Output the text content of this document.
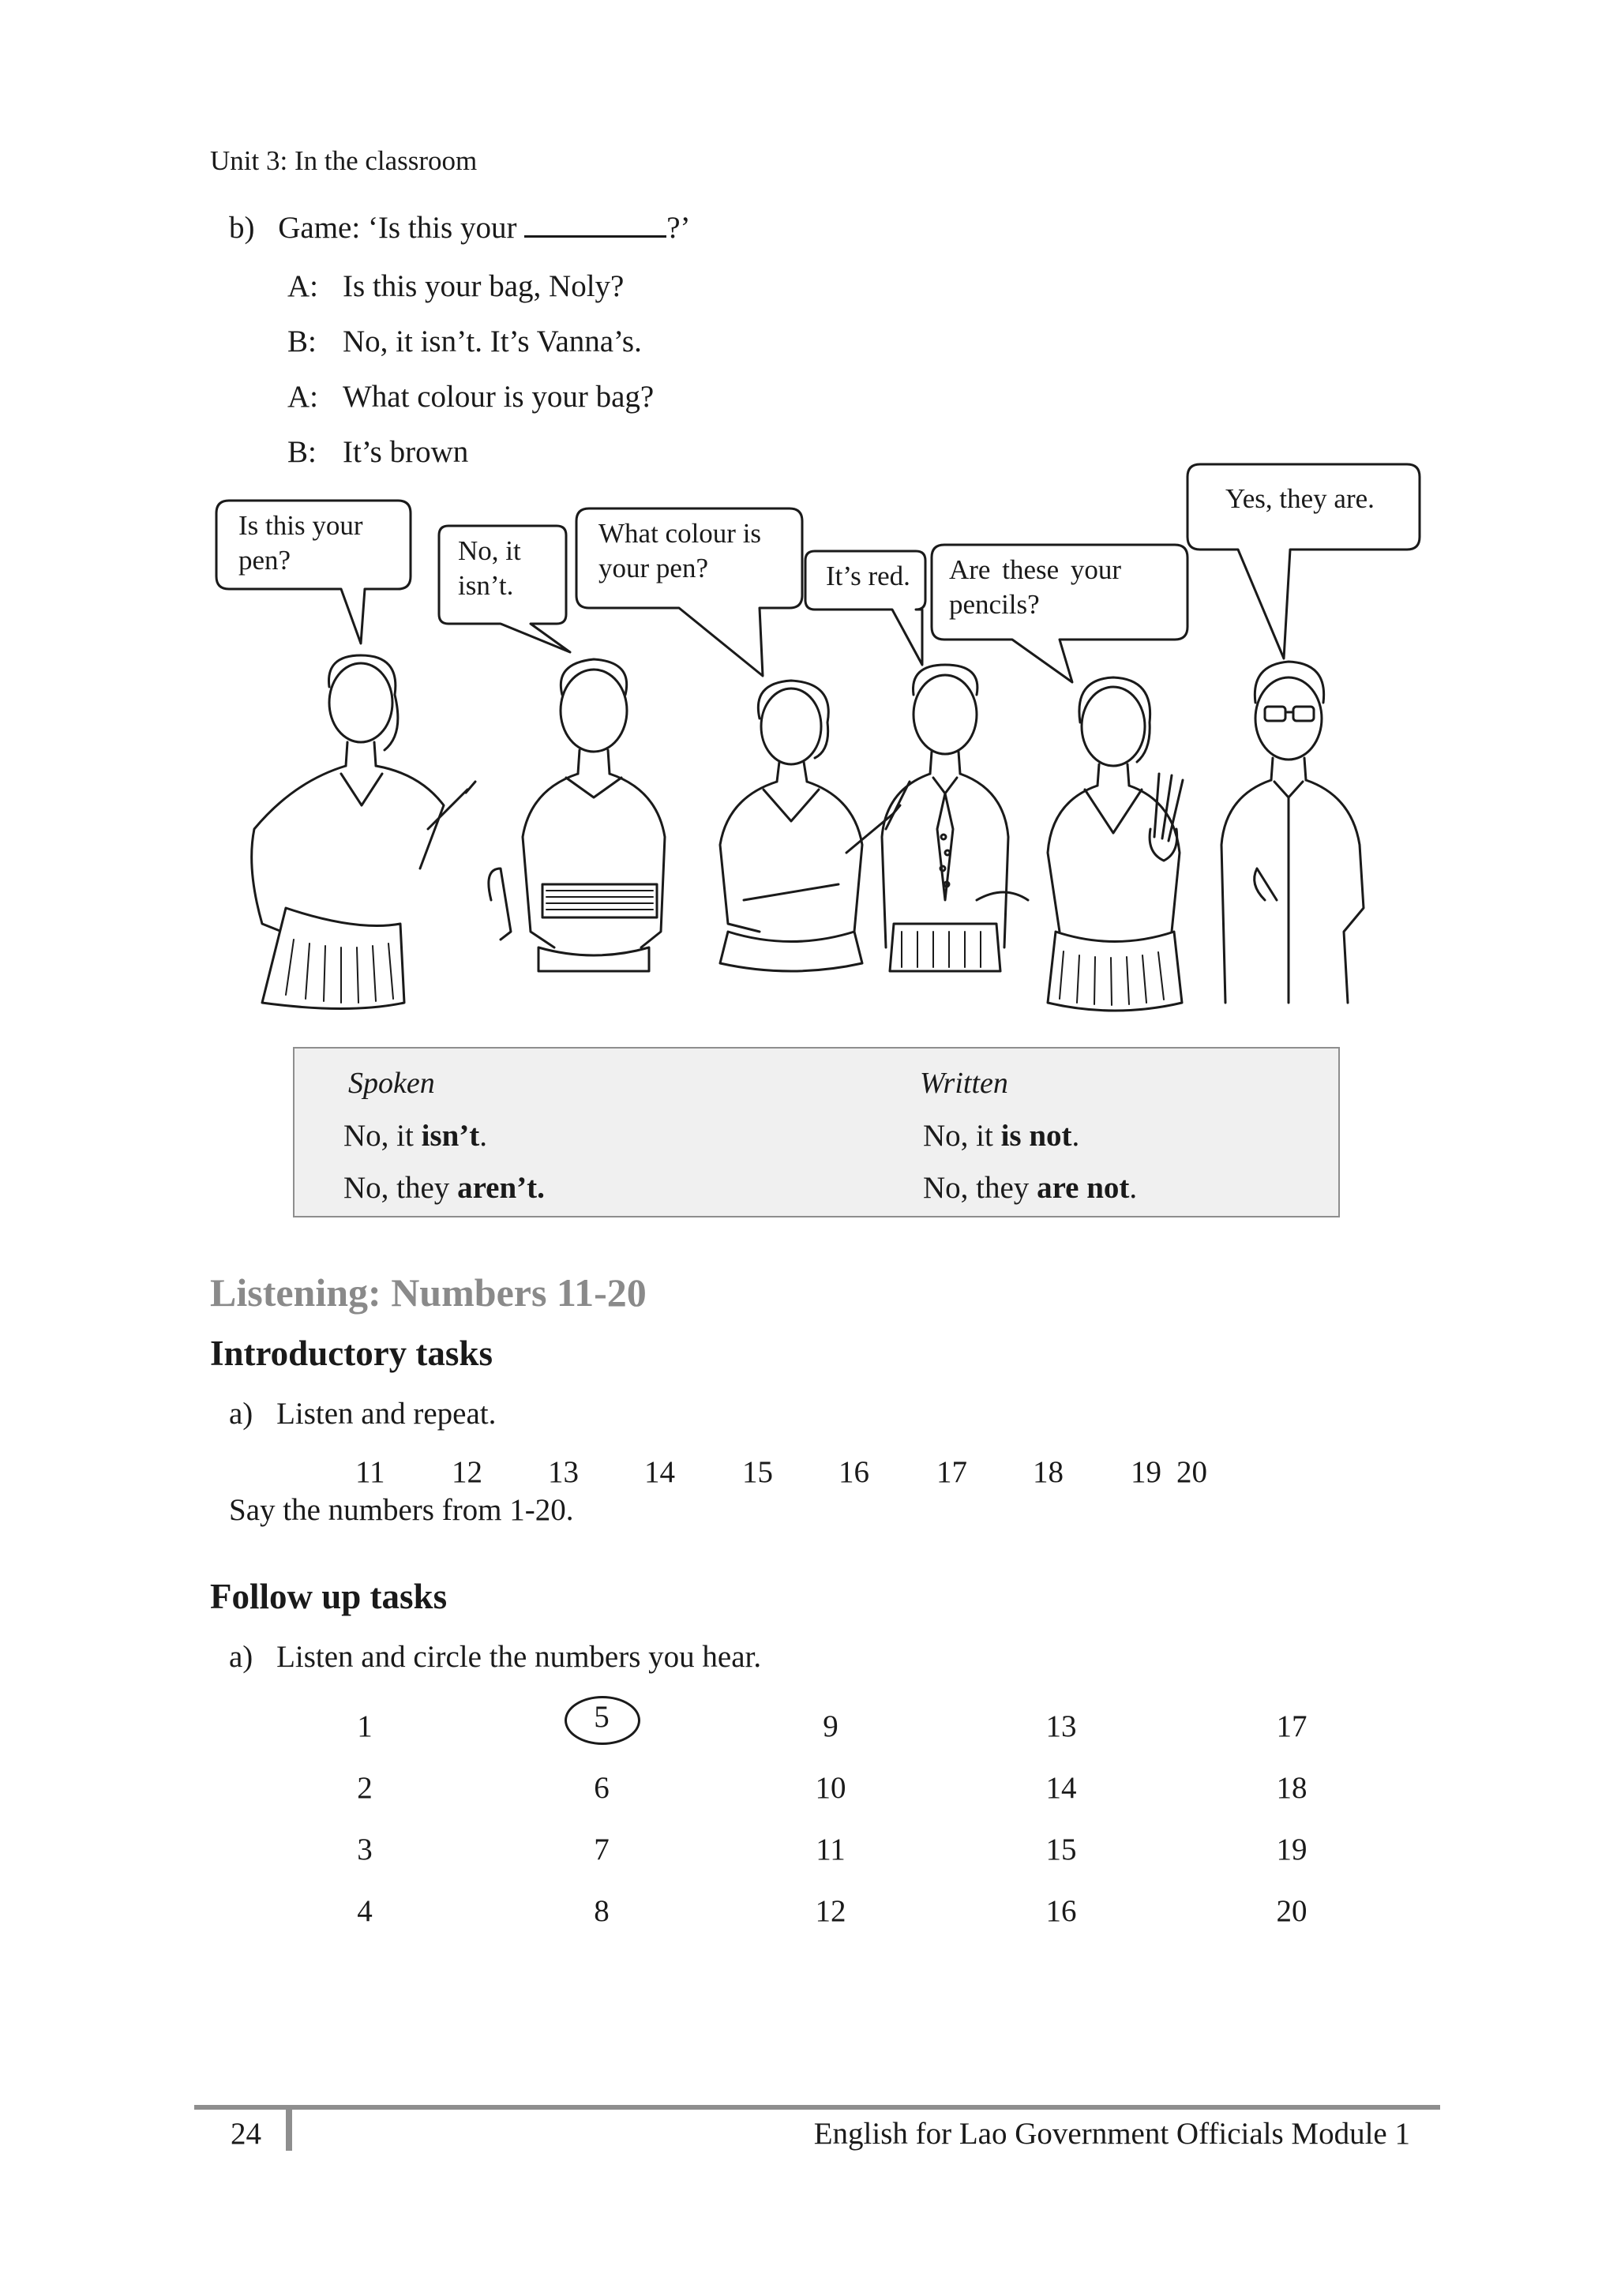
Unit 3: In the classroom
b) Game: ‘Is this your	?’
A: Is this your bag, Noly?
B: No, it isn’t. It’s Vanna’s.
A: What colour is your bag?
B: It’s brown
Is this your pen?	No, it isn’t.
What colour is your pen?	It’s red.	Are these your pencils?
Yes, they are.
Spoken	Written
No, it isn’t.	No, it is not.
No, they aren’t.	No, they are not.
Listening: Numbers 11-20
Introductory tasks
a) Listen and repeat.
11 12 13 14 15 16 17 18 19 20
Say the numbers from 1-20.
Follow up tasks
a) Listen and circle the numbers you hear.
1	5	9	13	17
2	6	10	14	18
3	7	11	15	19
4	8	12	16	20
24	English for Lao Government Officials Module 1
